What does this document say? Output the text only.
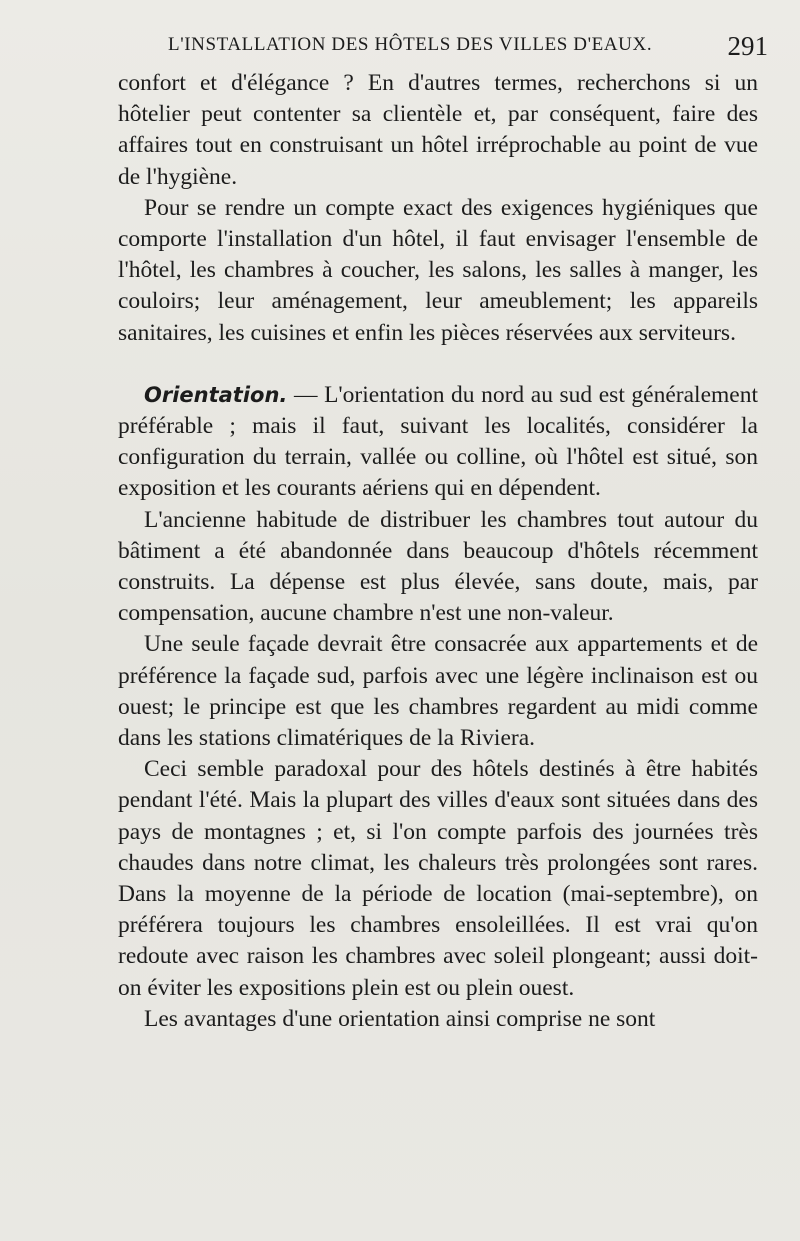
L'INSTALLATION DES HÔTELS DES VILLES D'EAUX.	291

confort et d'élégance ? En d'autres termes, recherchons si un hôtelier peut contenter sa clientèle et, par conséquent, faire des affaires tout en construisant un hôtel irréprochable au point de vue de l'hygiène.

Pour se rendre un compte exact des exigences hygiéniques que comporte l'installation d'un hôtel, il faut envisager l'ensemble de l'hôtel, les chambres à coucher, les salons, les salles à manger, les couloirs; leur aménagement, leur ameublement; les appareils sanitaires, les cuisines et enfin les pièces réservées aux serviteurs.

Orientation. — L'orientation du nord au sud est généralement préférable ; mais il faut, suivant les localités, considérer la configuration du terrain, vallée ou colline, où l'hôtel est situé, son exposition et les courants aériens qui en dépendent.

L'ancienne habitude de distribuer les chambres tout autour du bâtiment a été abandonnée dans beaucoup d'hôtels récemment construits. La dépense est plus élevée, sans doute, mais, par compensation, aucune chambre n'est une non-valeur.

Une seule façade devrait être consacrée aux appartements et de préférence la façade sud, parfois avec une légère inclinaison est ou ouest; le principe est que les chambres regardent au midi comme dans les stations climatériques de la Riviera.

Ceci semble paradoxal pour des hôtels destinés à être habités pendant l'été. Mais la plupart des villes d'eaux sont situées dans des pays de montagnes ; et, si l'on compte parfois des journées très chaudes dans notre climat, les chaleurs très prolongées sont rares. Dans la moyenne de la période de location (mai-septembre), on préférera toujours les chambres ensoleillées. Il est vrai qu'on redoute avec raison les chambres avec soleil plongeant; aussi doit-on éviter les expositions plein est ou plein ouest.

Les avantages d'une orientation ainsi comprise ne sont
